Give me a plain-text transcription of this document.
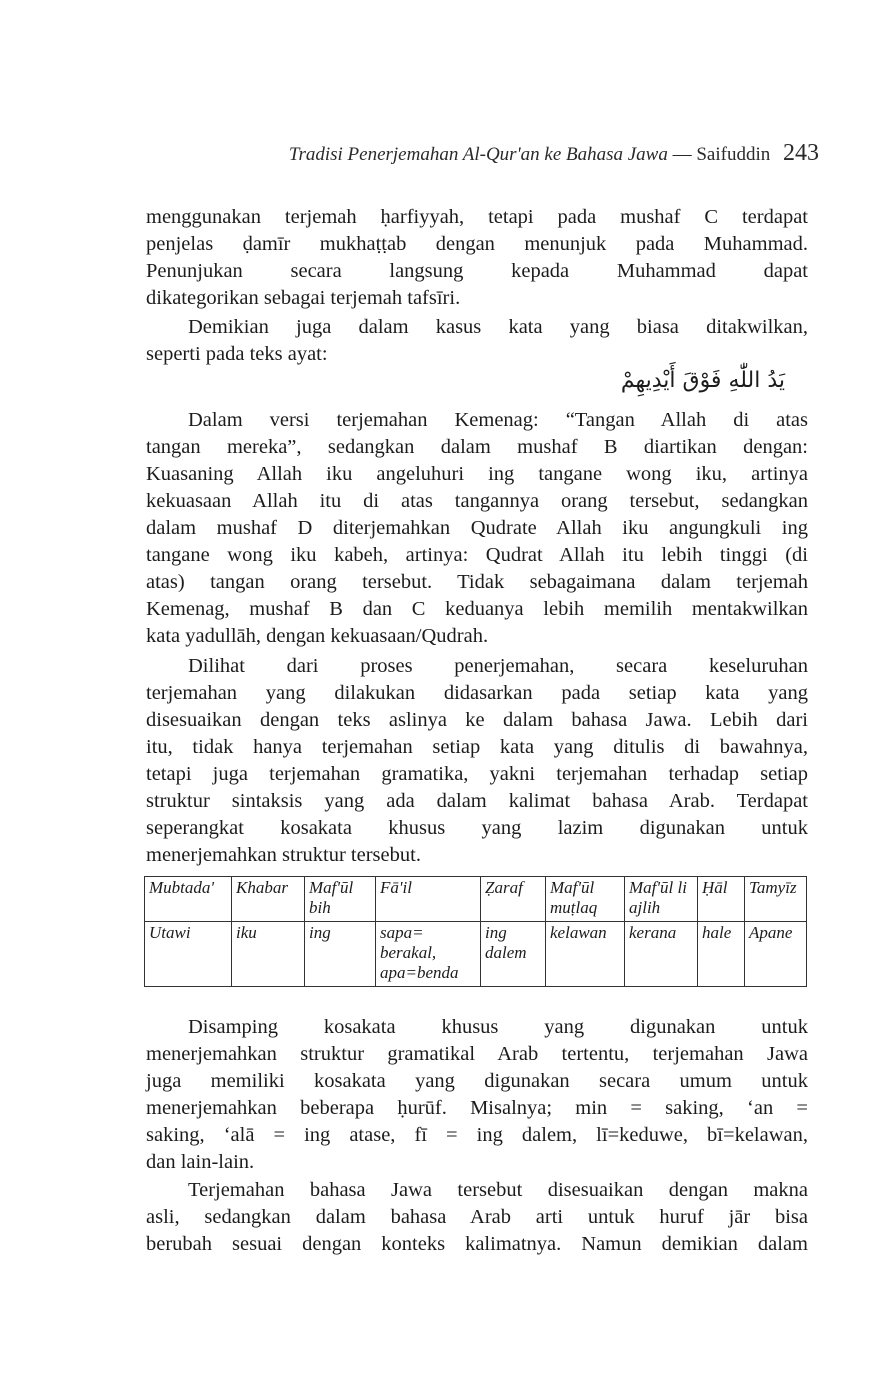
Tradisi Penerjemahan Al-Qur'an ke Bahasa Jawa — Saifuddin 243
menggunakan terjemah ḥarfiyyah, tetapi pada mushaf C terdapat
penjelas ḍamīr mukhaṭṭab dengan menunjuk pada Muhammad.
Penunjukan secara langsung kepada Muhammad dapat
dikategorikan sebagai terjemah tafsīri.
Demikian juga dalam kasus kata yang biasa ditakwilkan,
seperti pada teks ayat:
يَدُ اللّٰهِ فَوْقَ أَيْدِيهِمْ
Dalam versi terjemahan Kemenag: “Tangan Allah di atas
tangan mereka”, sedangkan dalam mushaf B diartikan dengan:
Kuasaning Allah iku angeluhuri ing tangane wong iku, artinya
kekuasaan Allah itu di atas tangannya orang tersebut, sedangkan
dalam mushaf D diterjemahkan Qudrate Allah iku angungkuli ing
tangane wong iku kabeh, artinya: Qudrat Allah itu lebih tinggi (di
atas) tangan orang tersebut. Tidak sebagaimana dalam terjemah
Kemenag, mushaf B dan C keduanya lebih memilih mentakwilkan
kata yadullāh, dengan kekuasaan/Qudrah.
Dilihat dari proses penerjemahan, secara keseluruhan
terjemahan yang dilakukan didasarkan pada setiap kata yang
disesuaikan dengan teks aslinya ke dalam bahasa Jawa. Lebih dari
itu, tidak hanya terjemahan setiap kata yang ditulis di bawahnya,
tetapi juga terjemahan gramatika, yakni terjemahan terhadap setiap
struktur sintaksis yang ada dalam kalimat bahasa Arab. Terdapat
seperangkat kosakata khusus yang lazim digunakan untuk
menerjemahkan struktur tersebut.
Mubtada'	Khabar	Maf'ūl bih	Fā'il	Ẓaraf	Maf'ūl muṭlaq	Maf'ūl li ajlih	Ḥāl	Tamyīz
Utawi	iku	ing	sapa= berakal, apa=benda	ing dalem	kelawan	kerana	hale	Apane
Disamping kosakata khusus yang digunakan untuk
menerjemahkan struktur gramatikal Arab tertentu, terjemahan Jawa
juga memiliki kosakata yang digunakan secara umum untuk
menerjemahkan beberapa ḥurūf. Misalnya; min = saking, ʻan =
saking, ʻalā = ing atase, fī = ing dalem, lī=keduwe, bī=kelawan,
dan lain-lain.
Terjemahan bahasa Jawa tersebut disesuaikan dengan makna
asli, sedangkan dalam bahasa Arab arti untuk huruf jār bisa
berubah sesuai dengan konteks kalimatnya. Namun demikian dalam
